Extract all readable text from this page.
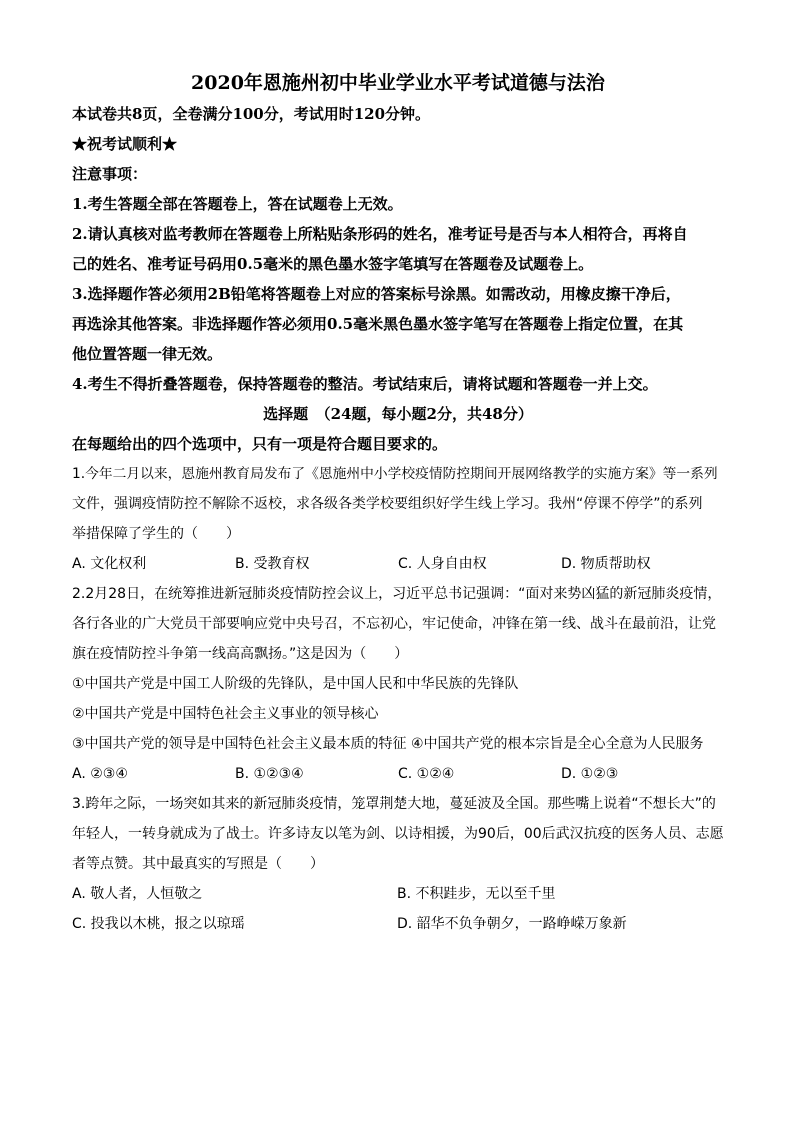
2020年恩施州初中毕业学业水平考试道德与法治
本试卷共8页，全卷满分100分，考试用时120分钟。
★祝考试顺利★
注意事项：
1.考生答题全部在答题卷上，答在试题卷上无效。
2.请认真核对监考教师在答题卷上所粘贴条形码的姓名，准考证号是否与本人相符合，再将自
己的姓名、准考证号码用0.5毫米的黑色墨水签字笔填写在答题卷及试题卷上。
3.选择题作答必须用2B铅笔将答题卷上对应的答案标号涂黑。如需改动，用橡皮擦干净后，
再选涂其他答案。非选择题作答必须用0.5毫米黑色墨水签字笔写在答题卷上指定位置，在其
他位置答题一律无效。
4.考生不得折叠答题卷，保持答题卷的整洁。考试结束后，请将试题和答题卷一并上交。
选择题　（24题，每小题2分，共48分）
在每题给出的四个选项中，只有一项是符合题目要求的。
1.今年二月以来，恩施州教育局发布了《恩施州中小学校疫情防控期间开展网络教学的实施方案》等一系列
文件，强调疫情防控不解除不返校，求各级各类学校要组织好学生线上学习。我州“停课不停学”的系列
举措保障了学生的（　　）
A. 文化权利	B. 受教育权	C. 人身自由权	D. 物质帮助权
2.2月28日，在统筹推进新冠肺炎疫情防控会议上，习近平总书记强调：“面对来势凶猛的新冠肺炎疫情，
各行各业的广大党员干部要响应党中央号召，不忘初心，牢记使命，冲锋在第一线、战斗在最前沿，让党
旗在疫情防控斗争第一线高高飘扬。”这是因为（　　）
①中国共产党是中国工人阶级的先锋队，是中国人民和中华民族的先锋队
②中国共产党是中国特色社会主义事业的领导核心
③中国共产党的领导是中国特色社会主义最本质的特征 ④中国共产党的根本宗旨是全心全意为人民服务
A. ②③④	B. ①②③④	C. ①②④	D. ①②③
3.跨年之际，一场突如其来的新冠肺炎疫情，笼罩荆楚大地，蔓延波及全国。那些嘴上说着“不想长大”的
年轻人，一转身就成为了战士。许多诗友以笔为剑、以诗相援，为90后，00后武汉抗疫的医务人员、志愿
者等点赞。其中最真实的写照是（　　）
A. 敬人者，人恒敬之	B. 不积跬步，无以至千里
C. 投我以木桃，报之以琼瑶	D. 韶华不负争朝夕，一路峥嵘万象新
